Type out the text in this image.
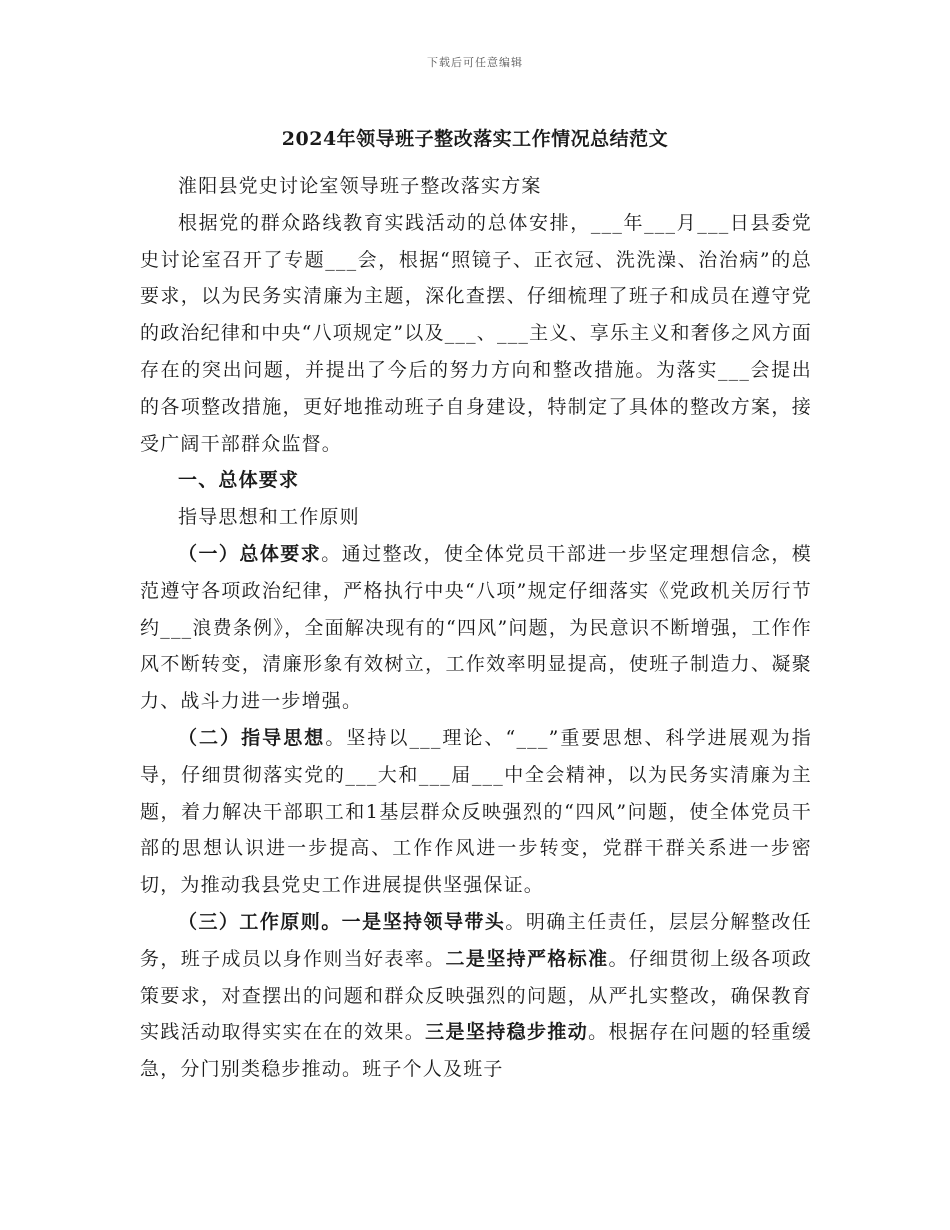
下载后可任意编辑
2024年领导班子整改落实工作情况总结范文

淮阳县党史讨论室领导班子整改落实方案

根据党的群众路线教育实践活动的总体安排，___年___月___日县委党史讨论室召开了专题___会，根据“照镜子、正衣冠、洗洗澡、治治病”的总要求，以为民务实清廉为主题，深化查摆、仔细梳理了班子和成员在遵守党的政治纪律和中央“八项规定”以及___、___主义、享乐主义和奢侈之风方面存在的突出问题，并提出了今后的努力方向和整改措施。为落实___会提出的各项整改措施，更好地推动班子自身建设，特制定了具体的整改方案，接受广阔干部群众监督。

一、总体要求

指导思想和工作原则

（一）总体要求。通过整改，使全体党员干部进一步坚定理想信念，模范遵守各项政治纪律，严格执行中央“八项”规定仔细落实《党政机关厉行节约___浪费条例》，全面解决现有的“四风”问题，为民意识不断增强，工作作风不断转变，清廉形象有效树立，工作效率明显提高，使班子制造力、凝聚力、战斗力进一步增强。

（二）指导思想。坚持以___理论、“___”重要思想、科学进展观为指导，仔细贯彻落实党的___大和___届___中全会精神，以为民务实清廉为主题，着力解决干部职工和1基层群众反映强烈的“四风”问题，使全体党员干部的思想认识进一步提高、工作作风进一步转变，党群干群关系进一步密切，为推动我县党史工作进展提供坚强保证。

（三）工作原则。一是坚持领导带头。明确主任责任，层层分解整改任务，班子成员以身作则当好表率。二是坚持严格标准。仔细贯彻上级各项政策要求，对查摆出的问题和群众反映强烈的问题，从严扎实整改，确保教育实践活动取得实实在在的效果。三是坚持稳步推动。根据存在问题的轻重缓急，分门别类稳步推动。班子个人及班子
